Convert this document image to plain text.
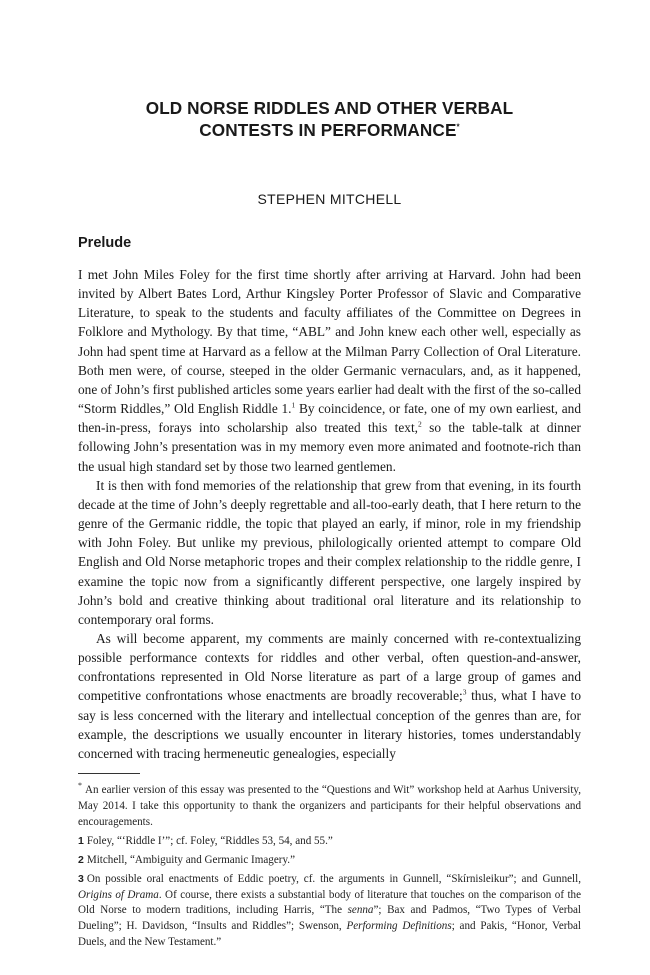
OLD NORSE RIDDLES AND OTHER VERBAL
CONTESTS IN PERFORMANCE*
STEPHEN MITCHELL
Prelude

I met John Miles Foley for the first time shortly after arriving at Harvard. John had been invited by Albert Bates Lord, Arthur Kingsley Porter Professor of Slavic and Comparative Literature, to speak to the students and faculty affiliates of the Committee on Degrees in Folklore and Mythology. By that time, “ABL” and John knew each other well, especially as John had spent time at Harvard as a fellow at the Milman Parry Collection of Oral Literature. Both men were, of course, steeped in the older Germanic vernaculars, and, as it happened, one of John’s first published articles some years earlier had dealt with the first of the so-called “Storm Riddles,” Old English Riddle 1.$^1$ By coincidence, or fate, one of my own earliest, and then-in-press, forays into scholarship also treated this text,$^2$ so the table-talk at dinner following John’s presentation was in my memory even more animated and footnote-rich than the usual high standard set by those two learned gentlemen.

It is then with fond memories of the relationship that grew from that evening, in its fourth decade at the time of John’s deeply regrettable and all-too-early death, that I here return to the genre of the Germanic riddle, the topic that played an early, if minor, role in my friendship with John Foley. But unlike my previous, philologically oriented attempt to compare Old English and Old Norse metaphoric tropes and their complex relationship to the riddle genre, I examine the topic now from a significantly different perspective, one largely inspired by John’s bold and creative thinking about traditional oral literature and its relationship to contemporary oral forms.

As will become apparent, my comments are mainly concerned with re-contextualizing possible performance contexts for riddles and other verbal, often question-and-answer, confrontations represented in Old Norse literature as part of a large group of games and competitive confrontations whose enactments are broadly recoverable;$^3$ thus, what I have to say is less concerned with the literary and intellectual conception of the genres than are, for example, the descriptions we usually encounter in literary histories, tomes understandably concerned with tracing hermeneutic genealogies, especially

* An earlier version of this essay was presented to the “Questions and Wit” workshop held at Aarhus University, May 2014. I take this opportunity to thank the organizers and participants for their helpful observations and encouragements.

1 Foley, “‘Riddle I’”; cf. Foley, “Riddles 53, 54, and 55.”

2 Mitchell, “Ambiguity and Germanic Imagery.”

3 On possible oral enactments of Eddic poetry, cf. the arguments in Gunnell, “Skírnisleikur”; and Gunnell, Origins of Drama. Of course, there exists a substantial body of literature that touches on the comparison of the Old Norse to modern traditions, including Harris, “The senna”; Bax and Padmos, “Two Types of Verbal Dueling”; H. Davidson, “Insults and Riddles”; Swenson, Performing Definitions; and Pakis, “Honor, Verbal Duels, and the New Testament.”
